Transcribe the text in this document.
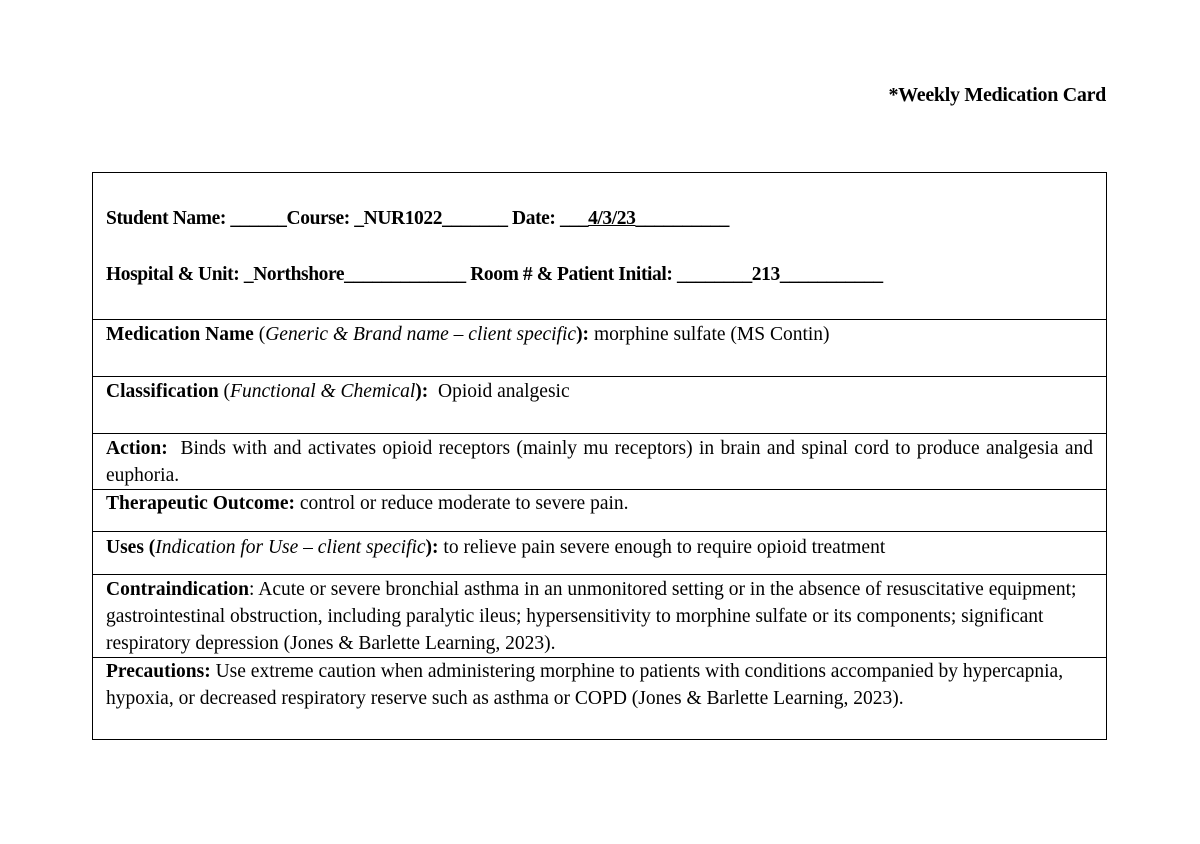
*Weekly Medication Card

Student Name: ______Course: _NUR1022_______ Date: ___4/3/23__________

Hospital & Unit: _Northshore_____________ Room # & Patient Initial: ________213___________

Medication Name (Generic & Brand name – client specific): morphine sulfate (MS Contin)
Classification (Functional & Chemical): Opioid analgesic
Action: Binds with and activates opioid receptors (mainly mu receptors) in brain and spinal cord to produce analgesia and euphoria.
Therapeutic Outcome: control or reduce moderate to severe pain.
Uses (Indication for Use – client specific): to relieve pain severe enough to require opioid treatment
Contraindication: Acute or severe bronchial asthma in an unmonitored setting or in the absence of resuscitative equipment; gastrointestinal obstruction, including paralytic ileus; hypersensitivity to morphine sulfate or its components; significant respiratory depression (Jones & Barlette Learning, 2023).
Precautions: Use extreme caution when administering morphine to patients with conditions accompanied by hypercapnia, hypoxia, or decreased respiratory reserve such as asthma or COPD (Jones & Barlette Learning, 2023).
